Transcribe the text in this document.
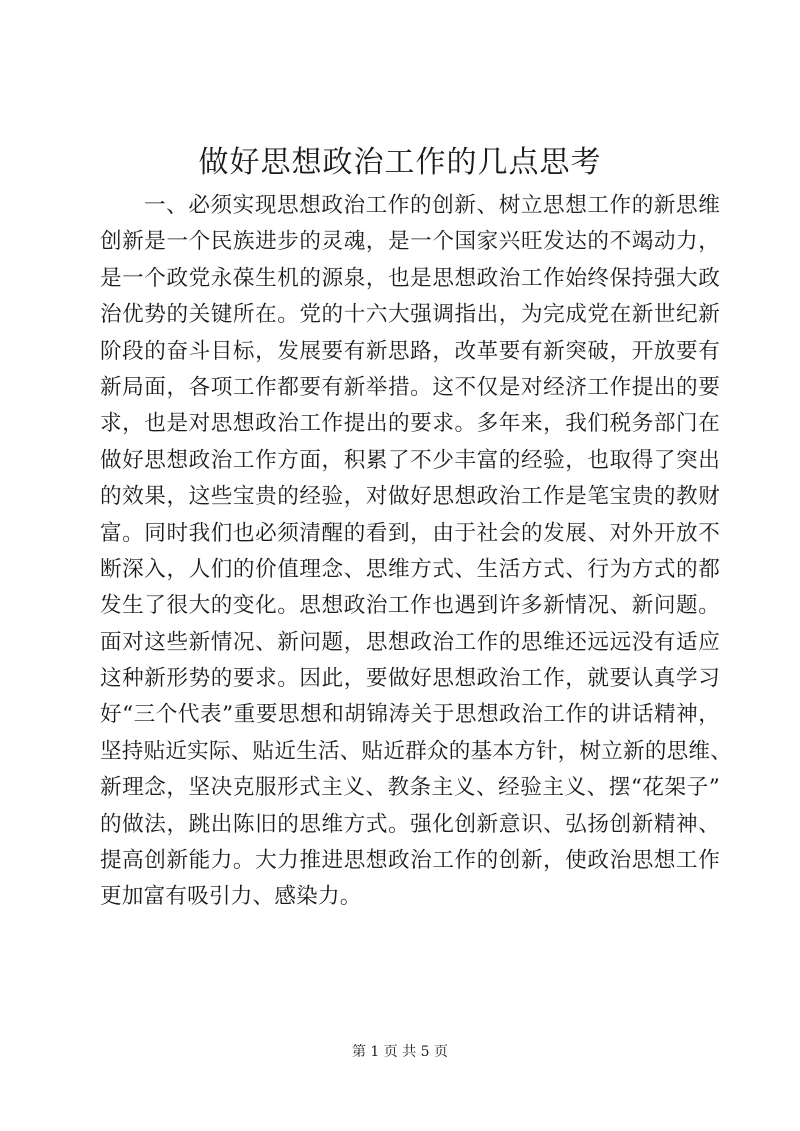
做好思想政治工作的几点思考
一、必须实现思想政治工作的创新、树立思想工作的新思维
创新是一个民族进步的灵魂，是一个国家兴旺发达的不竭动力，
是一个政党永葆生机的源泉，也是思想政治工作始终保持强大政
治优势的关键所在。党的十六大强调指出，为完成党在新世纪新
阶段的奋斗目标，发展要有新思路，改革要有新突破，开放要有
新局面，各项工作都要有新举措。这不仅是对经济工作提出的要
求，也是对思想政治工作提出的要求。多年来，我们税务部门在
做好思想政治工作方面，积累了不少丰富的经验，也取得了突出
的效果，这些宝贵的经验，对做好思想政治工作是笔宝贵的教财
富。同时我们也必须清醒的看到，由于社会的发展、对外开放不
断深入，人们的价值理念、思维方式、生活方式、行为方式的都
发生了很大的变化。思想政治工作也遇到许多新情况、新问题。
面对这些新情况、新问题，思想政治工作的思维还远远没有适应
这种新形势的要求。因此，要做好思想政治工作，就要认真学习
好“三个代表”重要思想和胡锦涛关于思想政治工作的讲话精神，
坚持贴近实际、贴近生活、贴近群众的基本方针，树立新的思维、
新理念，坚决克服形式主义、教条主义、经验主义、摆“花架子”
的做法，跳出陈旧的思维方式。强化创新意识、弘扬创新精神、
提高创新能力。大力推进思想政治工作的创新，使政治思想工作
更加富有吸引力、感染力。
第 1 页 共 5 页
